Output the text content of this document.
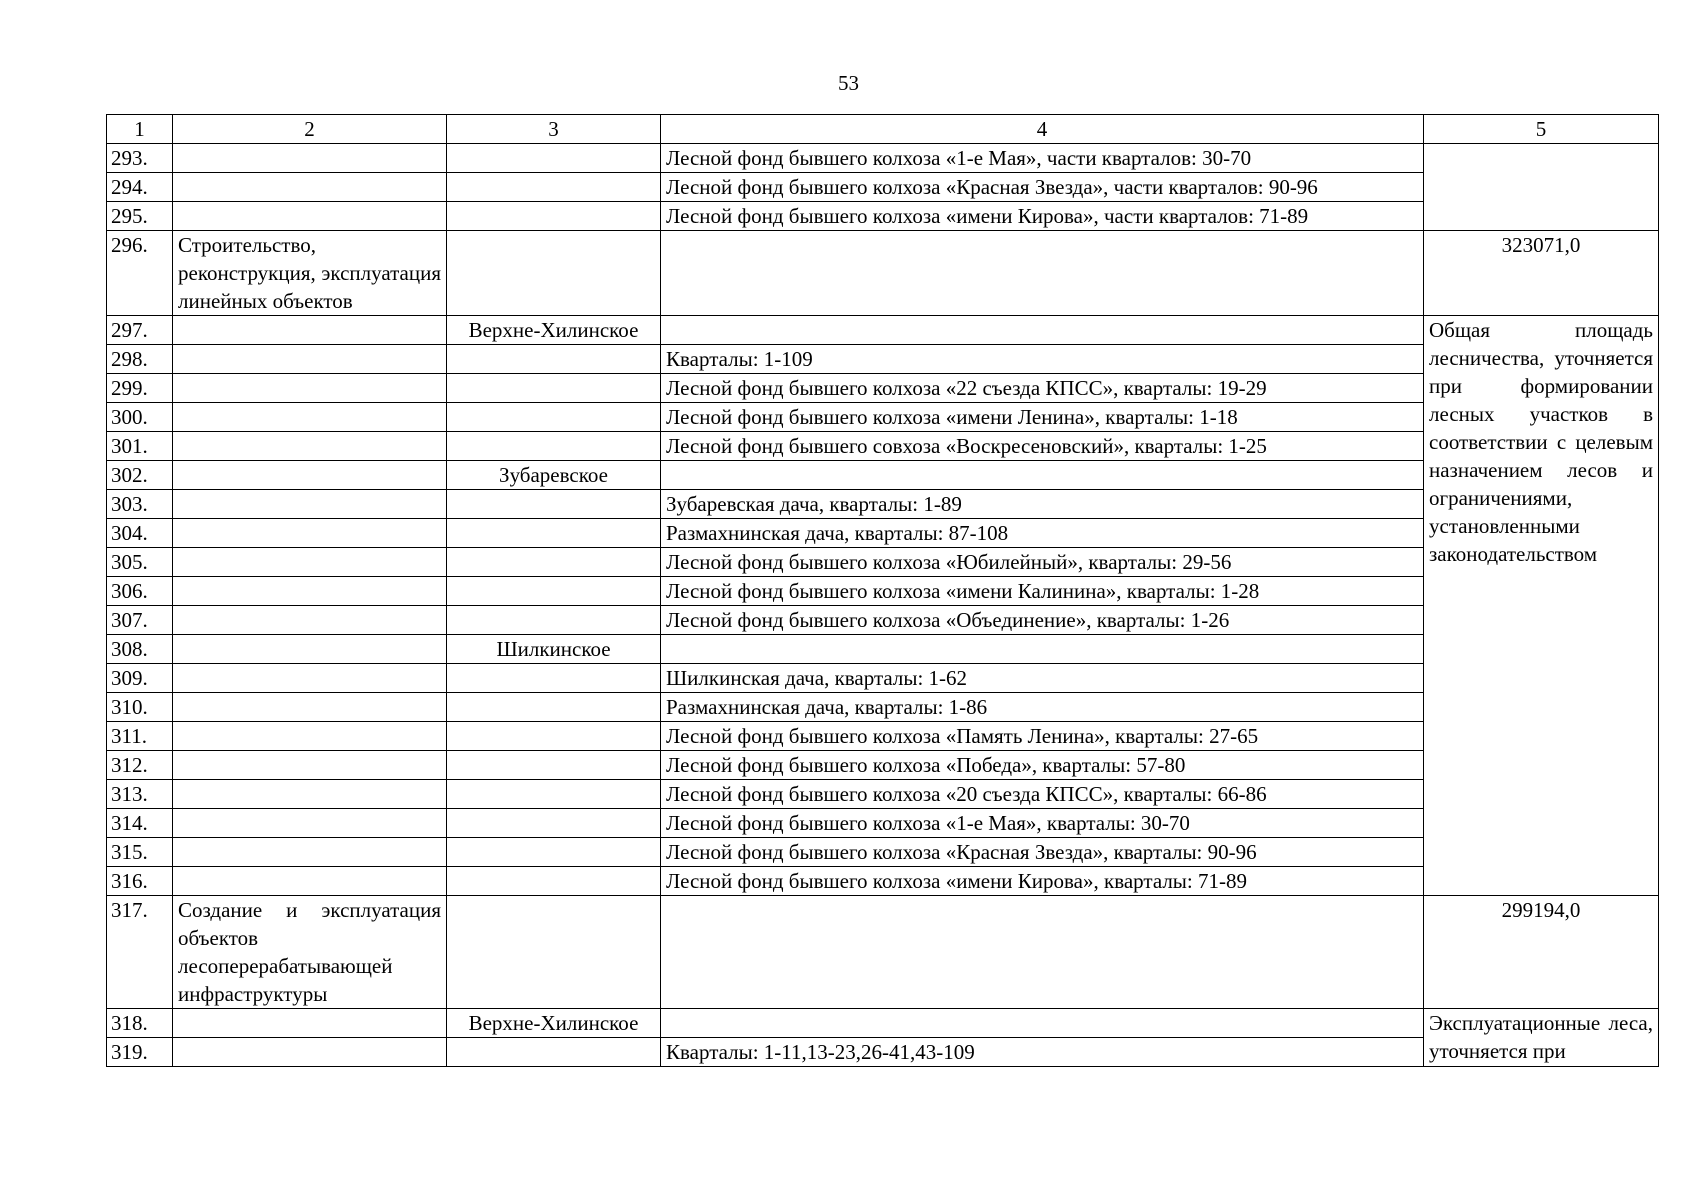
53
1	2	3	4	5
293.			Лесной фонд бывшего колхоза «1-е Мая», части кварталов: 30-70	
294.			Лесной фонд бывшего колхоза «Красная Звезда», части кварталов: 90-96	
295.			Лесной фонд бывшего колхоза «имени Кирова», части кварталов: 71-89	
296.	Строительство, реконструкция, эксплуатация линейных объектов			323071,0
297.		Верхне-Хилинское		Общая площадь лесничества, уточняется при формировании лесных участков в соответствии с целевым назначением лесов и ограничениями, установленными законодательством
298.			Кварталы: 1-109	
299.			Лесной фонд бывшего колхоза «22 съезда КПСС», кварталы: 19-29	
300.			Лесной фонд бывшего колхоза «имени Ленина», кварталы: 1-18	
301.			Лесной фонд бывшего совхоза «Воскресеновский», кварталы: 1-25	
302.		Зубаревское		
303.			Зубаревская дача, кварталы: 1-89	
304.			Размахнинская дача, кварталы: 87-108	
305.			Лесной фонд бывшего колхоза «Юбилейный», кварталы: 29-56	
306.			Лесной фонд бывшего колхоза «имени Калинина», кварталы: 1-28	
307.			Лесной фонд бывшего колхоза «Объединение», кварталы: 1-26	
308.		Шилкинское		
309.			Шилкинская дача, кварталы: 1-62	
310.			Размахнинская дача, кварталы: 1-86	
311.			Лесной фонд бывшего колхоза «Память Ленина», кварталы: 27-65	
312.			Лесной фонд бывшего колхоза «Победа», кварталы: 57-80	
313.			Лесной фонд бывшего колхоза «20 съезда КПСС», кварталы: 66-86	
314.			Лесной фонд бывшего колхоза «1-е Мая», кварталы: 30-70	
315.			Лесной фонд бывшего колхоза «Красная Звезда», кварталы: 90-96	
316.			Лесной фонд бывшего колхоза «имени Кирова», кварталы: 71-89	
317.	Создание и эксплуатация объектов лесоперерабатывающей инфраструктуры			299194,0
318.		Верхне-Хилинское		Эксплуатационные леса, уточняется при
319.			Кварталы: 1-11,13-23,26-41,43-109	
